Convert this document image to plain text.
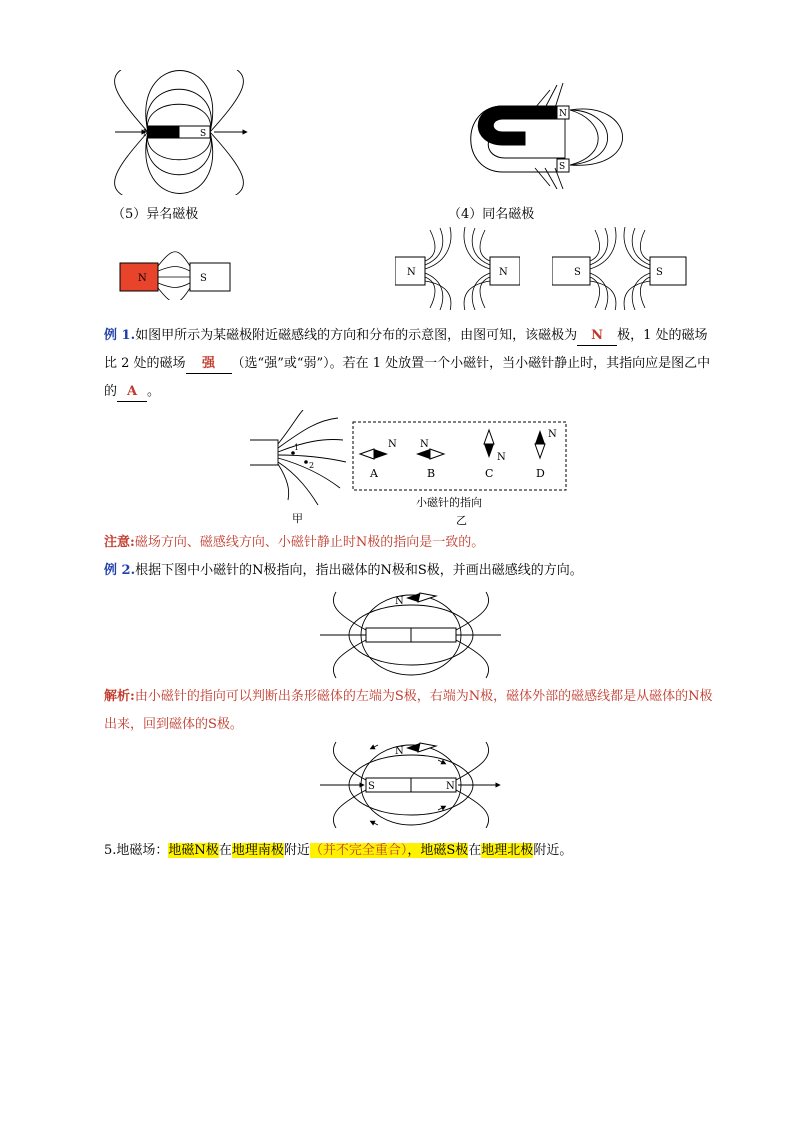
N	S
N
S
（5）异名磁极	（4）同名磁极
N	S
N	N	S	S
例 1.如图甲所示为某磁极附近磁感线的方向和分布的示意图，由图可知，该磁极为 N 极，1 处的磁场比 2 处的磁场 强 （选“强”或“弱”）。若在 1 处放置一个小磁针，当小磁针静止时，其指向应是图乙中的 A 。
1
2
甲
N
A
N
B
N
C
N
D
小磁针的指向
乙
注意:磁场方向、磁感线方向、小磁针静止时N极的指向是一致的。
例 2.根据下图中小磁针的N极指向，指出磁体的N极和S极，并画出磁感线的方向。
N
解析:由小磁针的指向可以判断出条形磁体的左端为S极，右端为N极，磁体外部的磁感线都是从磁体的N极出来，回到磁体的S极。
N
S	N
5.地磁场：地磁N极在地理南极附近（并不完全重合），地磁S极在地理北极附近。
